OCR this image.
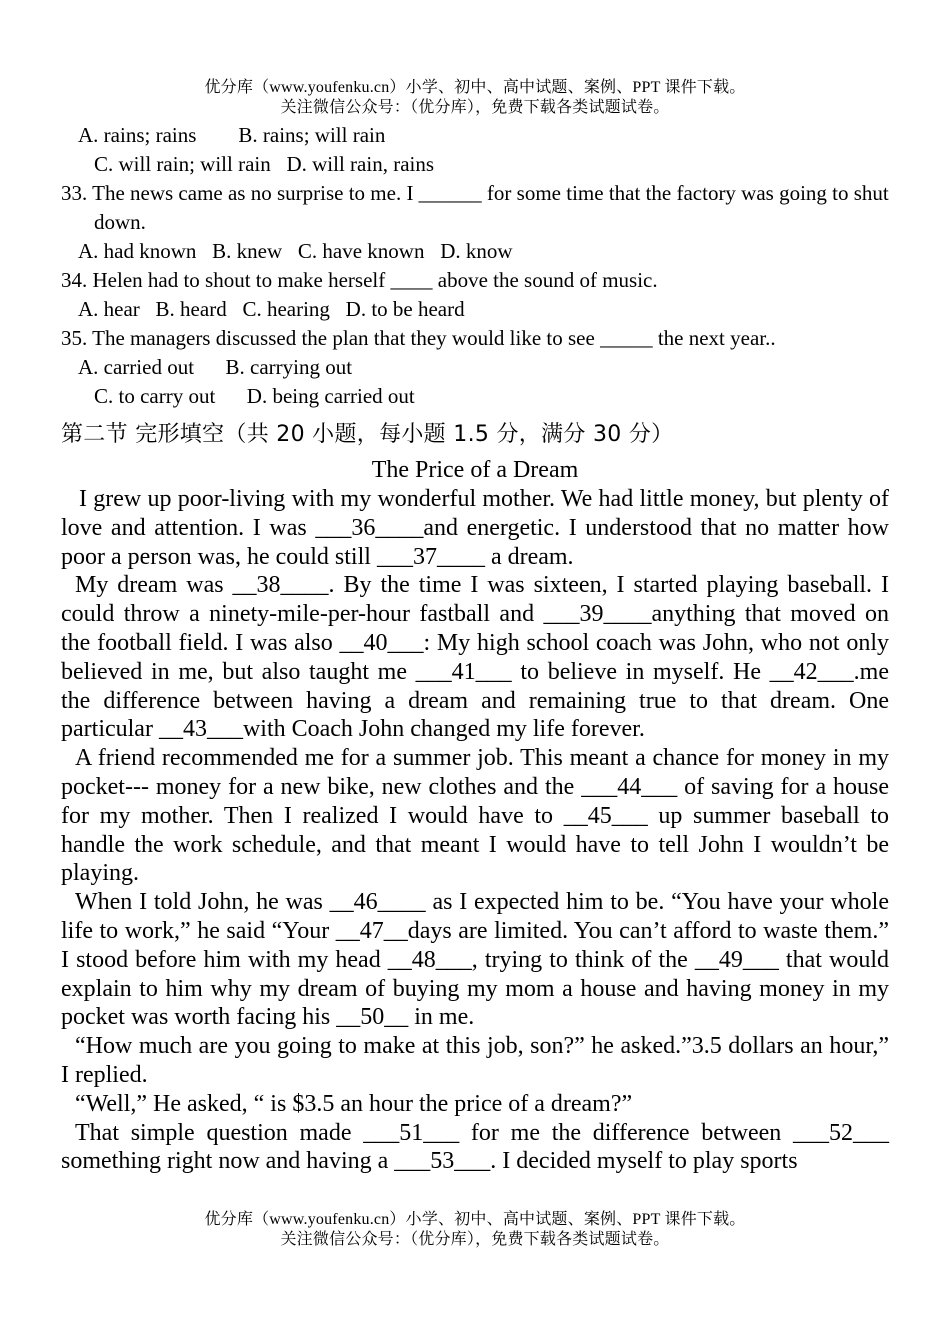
优分库（www.youfenku.cn）小学、初中、高中试题、案例、PPT 课件下载。
关注微信公众号：（优分库），免费下载各类试题试卷。
A. rains; rains        B. rains; will rain
C. will rain; will rain   D. will rain, rains
33. The news came as no surprise to me. I ______ for some time that the factory was going to shut down.
A. had known   B. knew   C. have known   D. know
34. Helen had to shout to make herself ____ above the sound of music.
A. hear   B. heard   C. hearing   D. to be heard
35. The managers discussed the plan that they would like to see _____ the next year..
A. carried out      B. carrying out
C. to carry out      D. being carried out
第二节 完形填空（共 20 小题，每小题 1.5 分，满分 30 分）
The Price of a Dream

I grew up poor-living with my wonderful mother. We had little money, but plenty of love and attention. I was ___36____and energetic. I understood that no matter how poor a person was, he could still ___37____ a dream.

My dream was __38____. By the time I was sixteen, I started playing baseball. I could throw a ninety-mile-per-hour fastball and ___39____anything that moved on the football field. I was also __40___: My high school coach was John, who not only believed in me, but also taught me ___41___ to believe in myself. He __42___.me the difference between having a dream and remaining true to that dream. One particular __43___with Coach John changed my life forever.

A friend recommended me for a summer job. This meant a chance for money in my pocket--- money for a new bike, new clothes and the ___44___ of saving for a house for my mother. Then I realized I would have to __45___ up summer baseball to handle the work schedule, and that meant I would have to tell John I wouldn’t be playing.

When I told John, he was __46____ as I expected him to be. “You have your whole life to work,” he said “Your __47__days are limited. You can’t afford to waste them.” I stood before him with my head __48___, trying to think of the __49___ that would explain to him why my dream of buying my mom a house and having money in my pocket was worth facing his __50__ in me.

“How much are you going to make at this job, son?” he asked.”3.5 dollars an hour,” I replied.

“Well,” He asked, “ is $3.5 an hour the price of a dream?”

That simple question made ___51___ for me the difference between ___52___ something right now and having a ___53___. I decided myself to play sports

优分库（www.youfenku.cn）小学、初中、高中试题、案例、PPT 课件下载。
关注微信公众号：（优分库），免费下载各类试题试卷。
